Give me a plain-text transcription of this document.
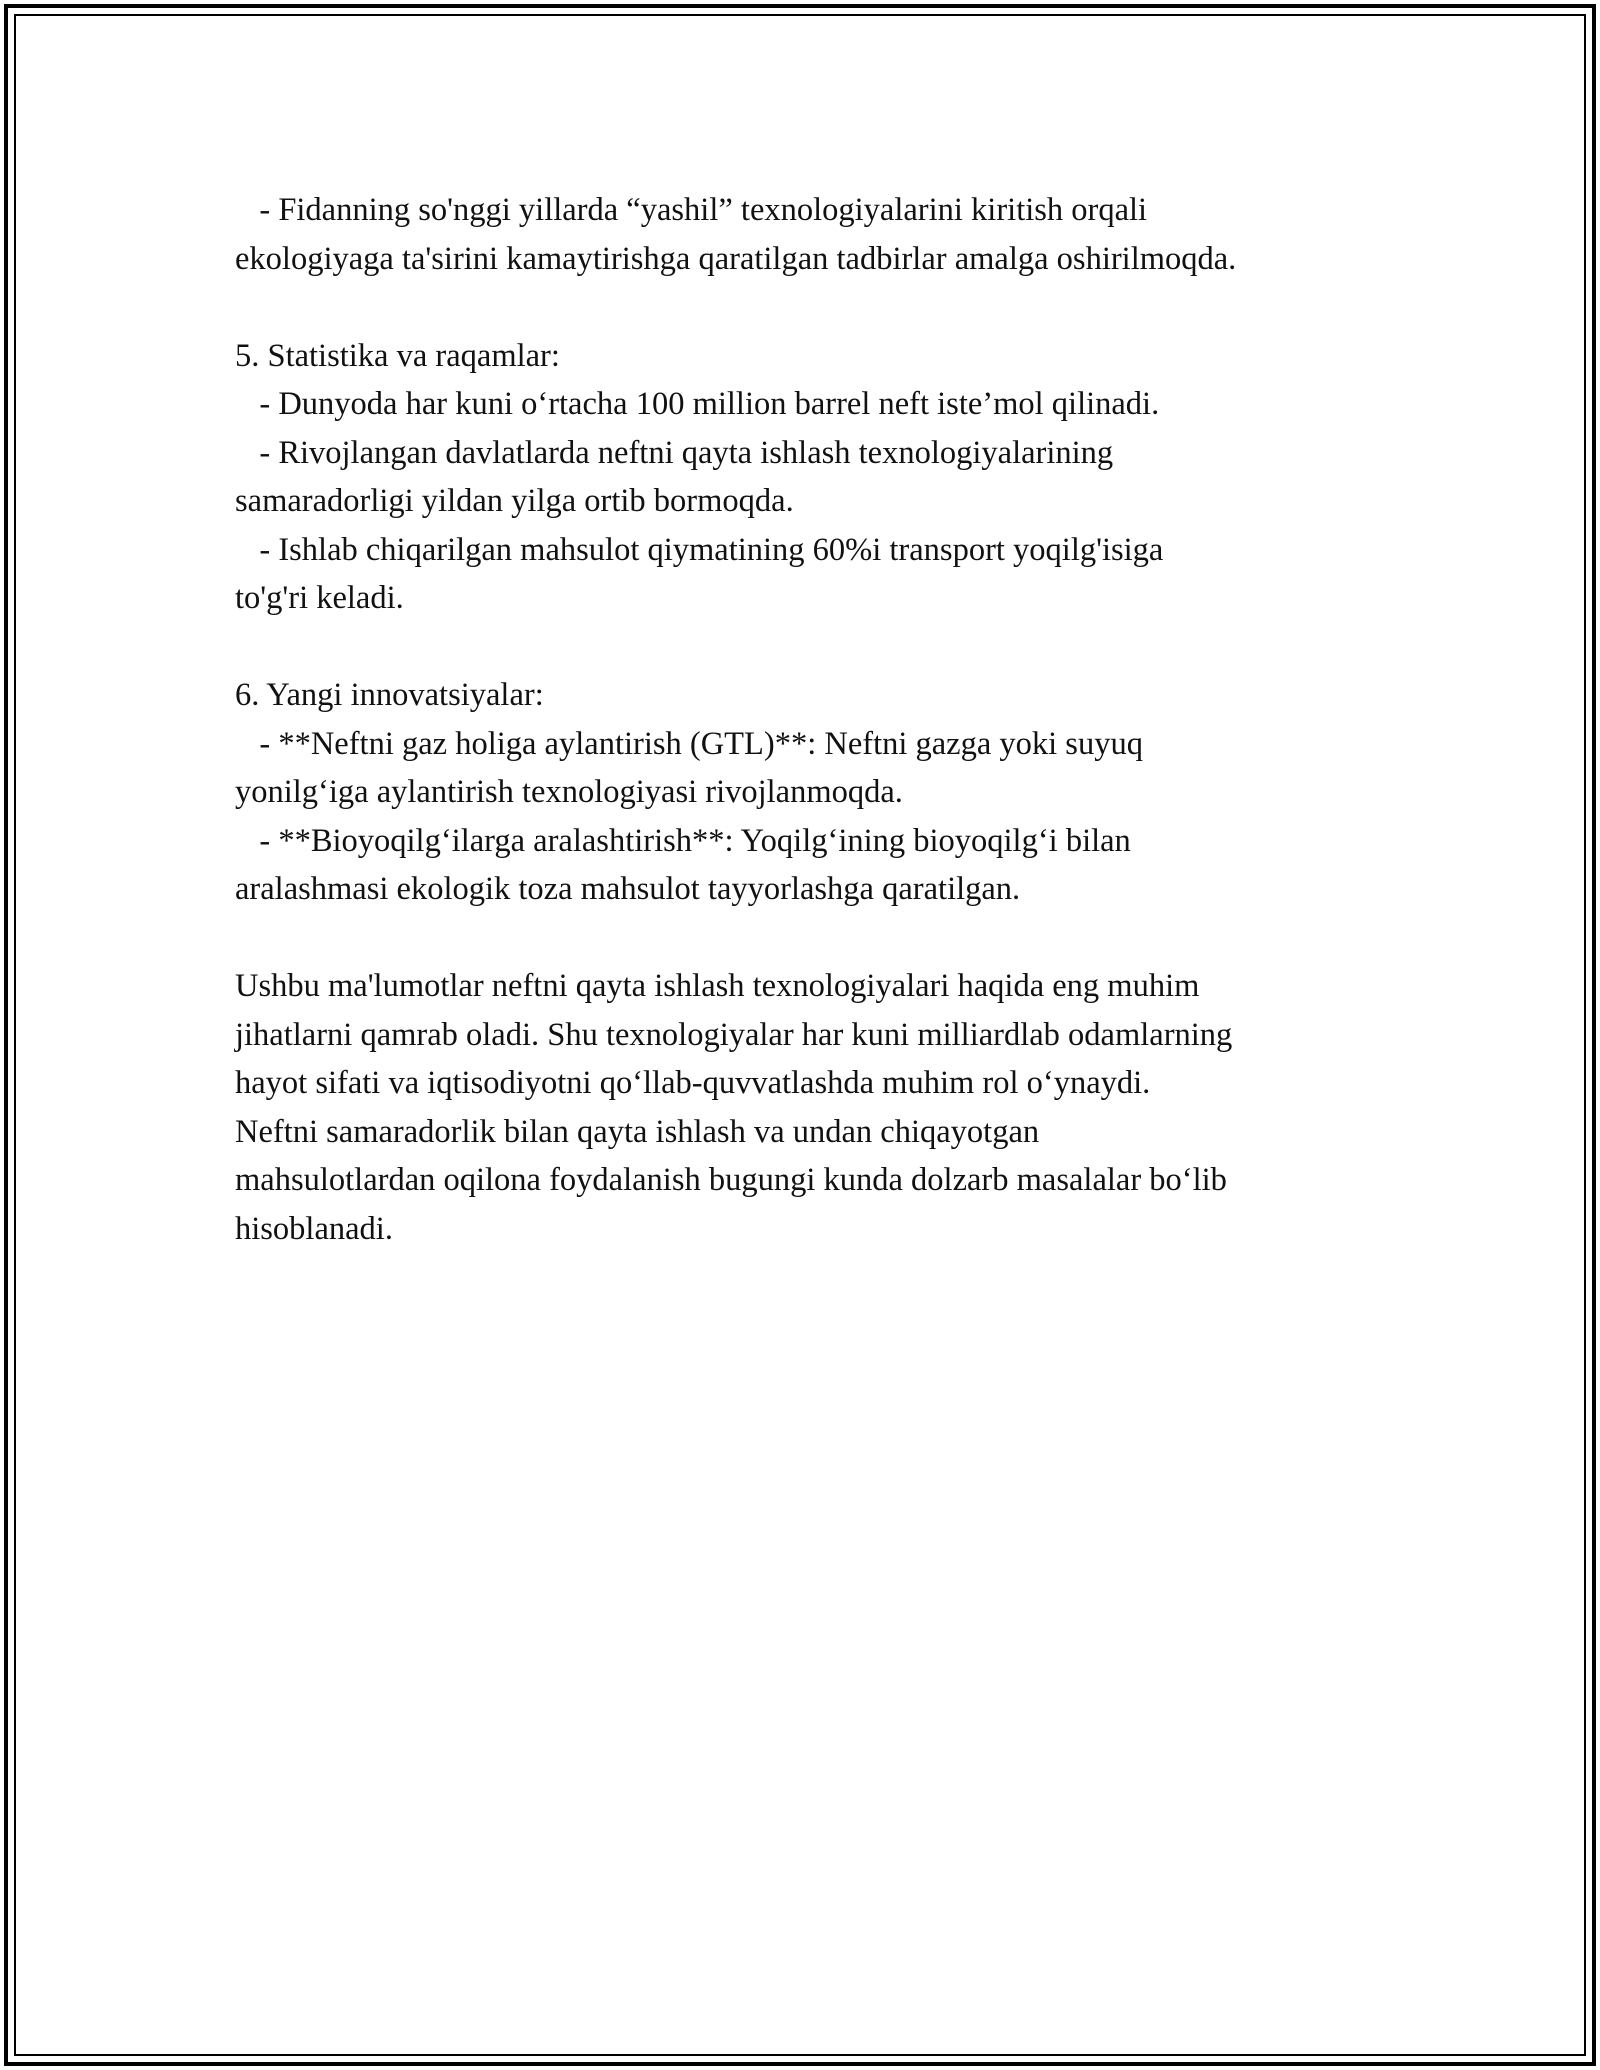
- Fidanning so'nggi yillarda “yashil” texnologiyalarini kiritish orqali
ekologiyaga ta'sirini kamaytirishga qaratilgan tadbirlar amalga oshirilmoqda.
5. Statistika va raqamlar:
- Dunyoda har kuni o‘rtacha 100 million barrel neft iste’mol qilinadi.
- Rivojlangan davlatlarda neftni qayta ishlash texnologiyalarining
samaradorligi yildan yilga ortib bormoqda.
- Ishlab chiqarilgan mahsulot qiymatining 60%i transport yoqilg'isiga
to'g'ri keladi.
6. Yangi innovatsiyalar:
- **Neftni gaz holiga aylantirish (GTL)**: Neftni gazga yoki suyuq
yonilg‘iga aylantirish texnologiyasi rivojlanmoqda.
- **Bioyoqilg‘ilarga aralashtirish**: Yoqilg‘ining bioyoqilg‘i bilan
aralashmasi ekologik toza mahsulot tayyorlashga qaratilgan.
Ushbu ma'lumotlar neftni qayta ishlash texnologiyalari haqida eng muhim
jihatlarni qamrab oladi. Shu texnologiyalar har kuni milliardlab odamlarning
hayot sifati va iqtisodiyotni qo‘llab-quvvatlashda muhim rol o‘ynaydi.
Neftni samaradorlik bilan qayta ishlash va undan chiqayotgan
mahsulotlardan oqilona foydalanish bugungi kunda dolzarb masalalar bo‘lib
hisoblanadi.
